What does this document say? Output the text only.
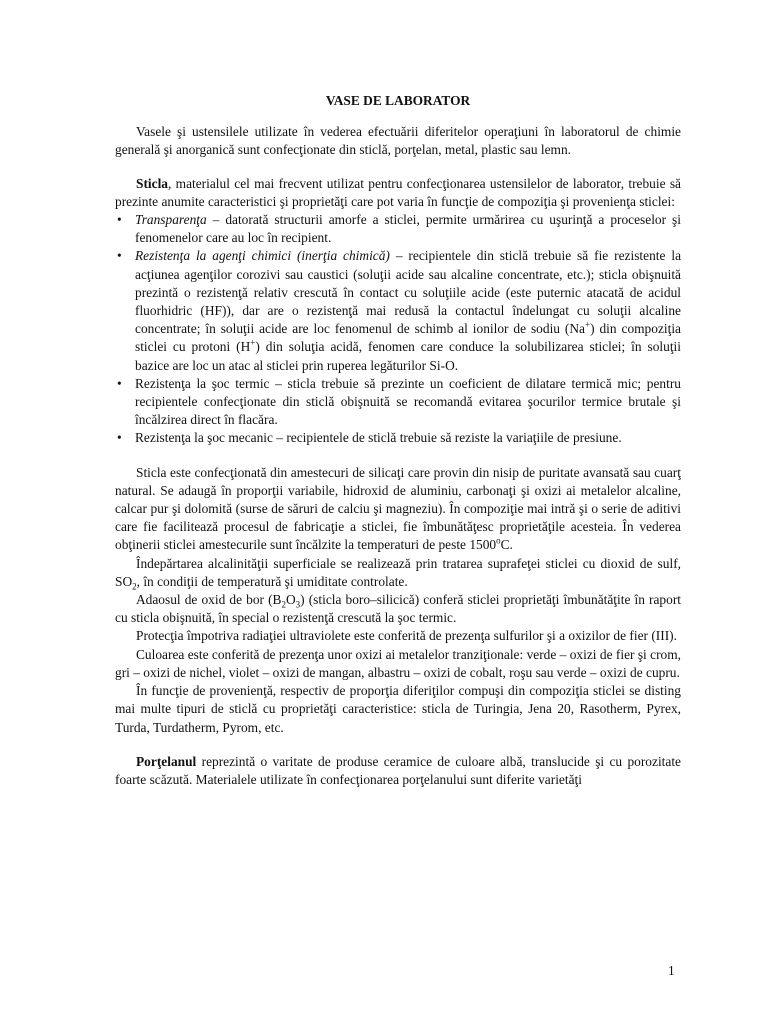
VASE DE LABORATOR

Vasele şi ustensilele utilizate în vederea efectuării diferitelor operaţiuni în laboratorul de chimie generală şi anorganică sunt confecţionate din sticlă, porţelan, metal, plastic sau lemn.

Sticla, materialul cel mai frecvent utilizat pentru confecţionarea ustensilelor de laborator, trebuie să prezinte anumite caracteristici şi proprietăţi care pot varia în funcţie de compoziţia şi provenienţa sticlei:

• Transparenţa – datorată structurii amorfe a sticlei, permite urmărirea cu uşurinţă a proceselor şi fenomenelor care au loc în recipient.
• Rezistenţa la agenţi chimici (inerţia chimică) – recipientele din sticlă trebuie să fie rezistente la acţiunea agenţilor corozivi sau caustici (soluţii acide sau alcaline concentrate, etc.); sticla obişnuită prezintă o rezistenţă relativ crescută în contact cu soluţiile acide (este puternic atacată de acidul fluorhidric (HF)), dar are o rezistenţă mai redusă la contactul îndelungat cu soluţii alcaline concentrate; în soluţii acide are loc fenomenul de schimb al ionilor de sodiu (Na+) din compoziţia sticlei cu protoni (H+) din soluţia acidă, fenomen care conduce la solubilizarea sticlei; în soluţii bazice are loc un atac al sticlei prin ruperea legăturilor Si-O.
• Rezistenţa la şoc termic – sticla trebuie să prezinte un coeficient de dilatare termică mic; pentru recipientele confecţionate din sticlă obişnuită se recomandă evitarea şocurilor termice brutale şi încălzirea direct în flacăra.
• Rezistenţa la şoc mecanic – recipientele de sticlă trebuie să reziste la variaţiile de presiune.

Sticla este confecţionată din amestecuri de silicaţi care provin din nisip de puritate avansată sau cuarţ natural. Se adaugă în proporţii variabile, hidroxid de aluminiu, carbonaţi şi oxizi ai metalelor alcaline, calcar pur şi dolomită (surse de săruri de calciu şi magneziu). În compoziţie mai intră şi o serie de aditivi care fie facilitează procesul de fabricaţie a sticlei, fie îmbunătăţesc proprietăţile acesteia. În vederea obţinerii sticlei amestecurile sunt încălzite la temperaturi de peste 1500$^o$C.

Îndepărtarea alcalinităţii superficiale se realizează prin tratarea suprafeţei sticlei cu dioxid de sulf, $SO_2$, în condiţii de temperatură şi umiditate controlate.

Adaosul de oxid de bor $(B_2O_3)$ (sticla boro–silicică) conferă sticlei proprietăţi îmbunătăţite în raport cu sticla obişnuită, în special o rezistenţă crescută la şoc termic.

Protecţia împotriva radiaţiei ultraviolete este conferită de prezenţa sulfurilor şi a oxizilor de fier (III).

Culoarea este conferită de prezenţa unor oxizi ai metalelor tranziţionale: verde – oxizi de fier şi crom, gri – oxizi de nichel, violet – oxizi de mangan, albastru – oxizi de cobalt, roşu sau verde – oxizi de cupru.

În funcţie de provenienţă, respectiv de proporţia diferiţilor compuşi din compoziţia sticlei se disting mai multe tipuri de sticlă cu proprietăţi caracteristice: sticla de Turingia, Jena 20, Rasotherm, Pyrex, Turda, Turdatherm, Pyrom, etc.

Porţelanul reprezintă o varitate de produse ceramice de culoare albă, translucide şi cu porozitate foarte scăzută. Materialele utilizate în confecţionarea porţelanului sunt diferite varietăţi

1
